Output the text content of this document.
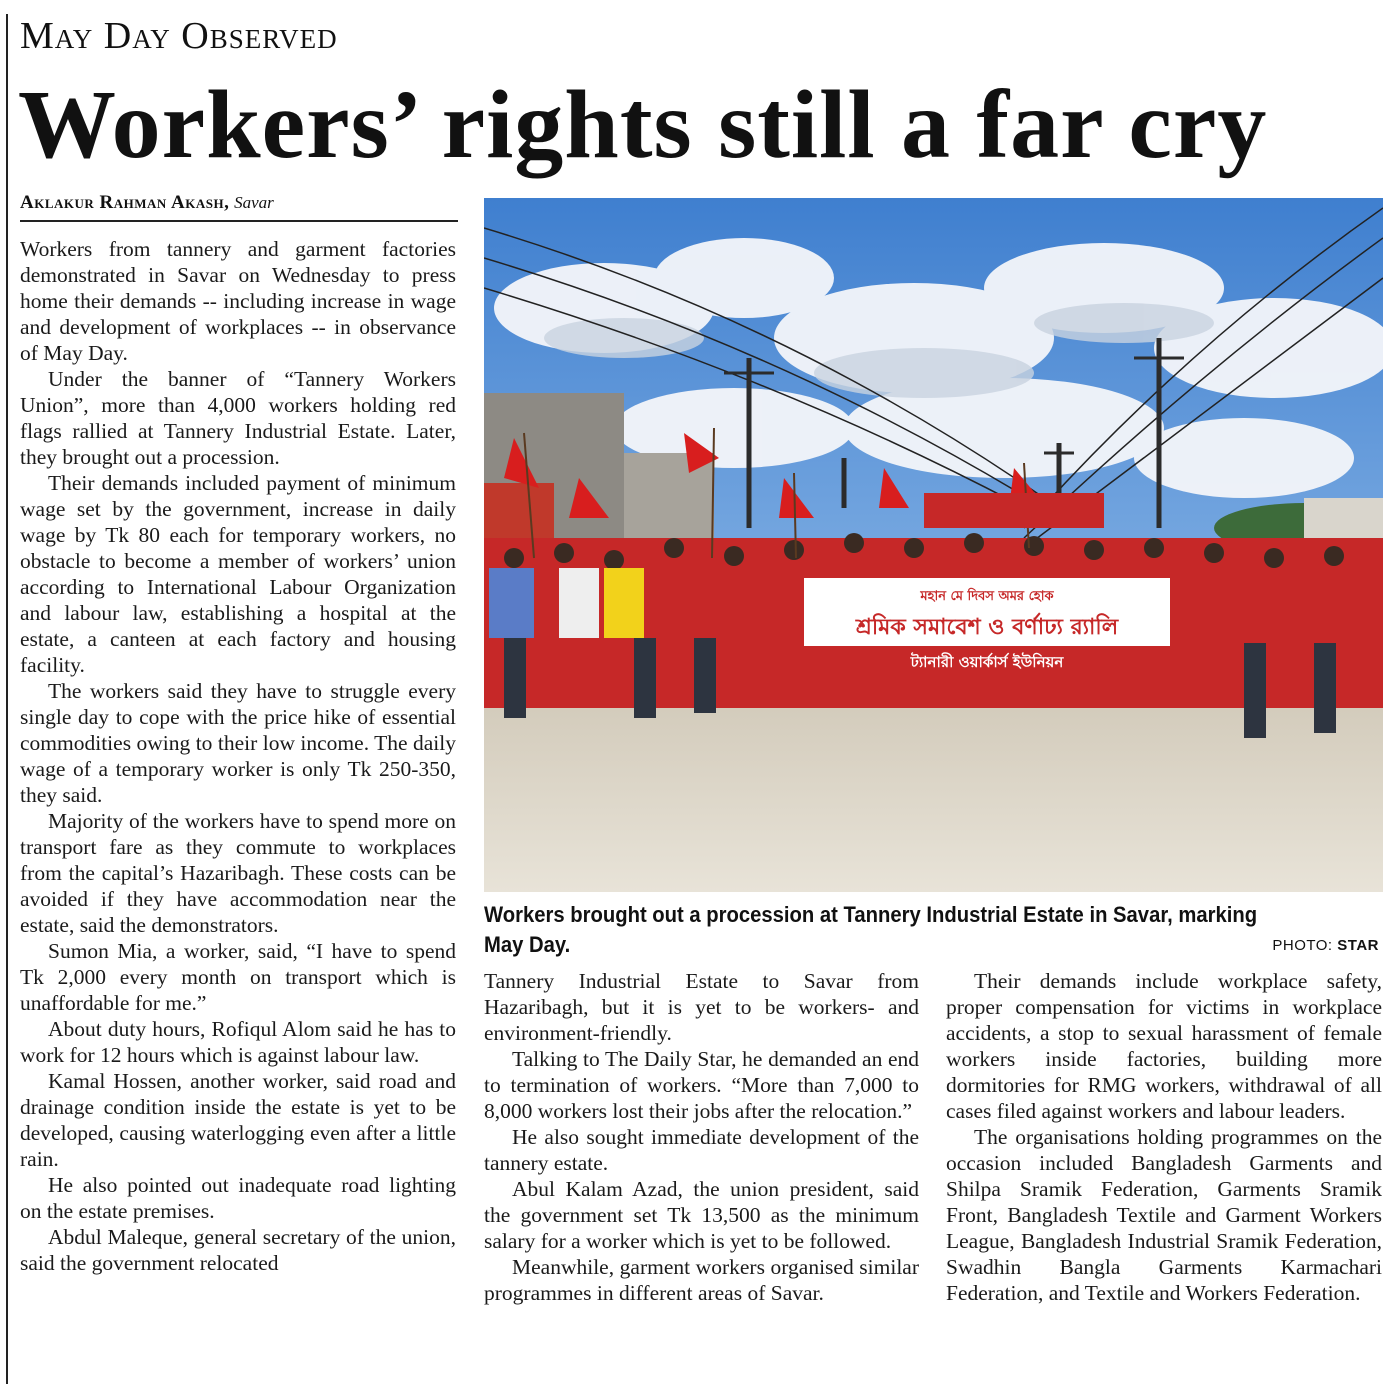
May Day Observed
Workers’ rights still a far cry
Aklakur Rahman Akash, Savar

Workers from tannery and garment factories demonstrated in Savar on Wednesday to press home their demands -- including increase in wage and development of workplaces -- in observance of May Day.

Under the banner of “Tannery Workers Union”, more than 4,000 workers holding red flags rallied at Tannery Industrial Estate. Later, they brought out a procession.

Their demands included payment of minimum wage set by the government, increase in daily wage by Tk 80 each for temporary workers, no obstacle to become a member of workers’ union according to International Labour Organization and labour law, establishing a hospital at the estate, a canteen at each factory and housing facility.

The workers said they have to struggle every single day to cope with the price hike of essential commodities owing to their low income. The daily wage of a temporary worker is only Tk 250-350, they said.

Majority of the workers have to spend more on transport fare as they commute to workplaces from the capital’s Hazaribagh. These costs can be avoided if they have accommodation near the estate, said the demonstrators.

Sumon Mia, a worker, said, “I have to spend Tk 2,000 every month on transport which is unaffordable for me.”

About duty hours, Rofiqul Alom said he has to work for 12 hours which is against labour law.

Kamal Hossen, another worker, said road and drainage condition inside the estate is yet to be developed, causing waterlogging even after a little rain.

He also pointed out inadequate road lighting on the estate premises.

Abdul Maleque, general secretary of the union, said the government relocated

মহান মে দিবস অমর হোক
শ্রমিক সমাবেশ ও বর্ণাঢ্য র‍্যালি
ট্যানারী ওয়ার্কার্স ইউনিয়ন
Workers brought out a procession at Tannery Industrial Estate in Savar, marking May Day.	PHOTO: STAR

Tannery Industrial Estate to Savar from Hazaribagh, but it is yet to be workers- and environment-friendly.

Talking to The Daily Star, he demanded an end to termination of workers. “More than 7,000 to 8,000 workers lost their jobs after the relocation.”

He also sought immediate development of the tannery estate.

Abul Kalam Azad, the union president, said the government set Tk 13,500 as the minimum salary for a worker which is yet to be followed.

Meanwhile, garment workers organised similar programmes in different areas of Savar.

Their demands include workplace safety, proper compensation for victims in workplace accidents, a stop to sexual harassment of female workers inside factories, building more dormitories for RMG workers, withdrawal of all cases filed against workers and labour leaders.

The organisations holding programmes on the occasion included Bangladesh Garments and Shilpa Sramik Federation, Garments Sramik Front, Bangladesh Textile and Garment Workers League, Bangladesh Industrial Sramik Federation, Swadhin Bangla Garments Karmachari Federation, and Textile and Workers Federation.
